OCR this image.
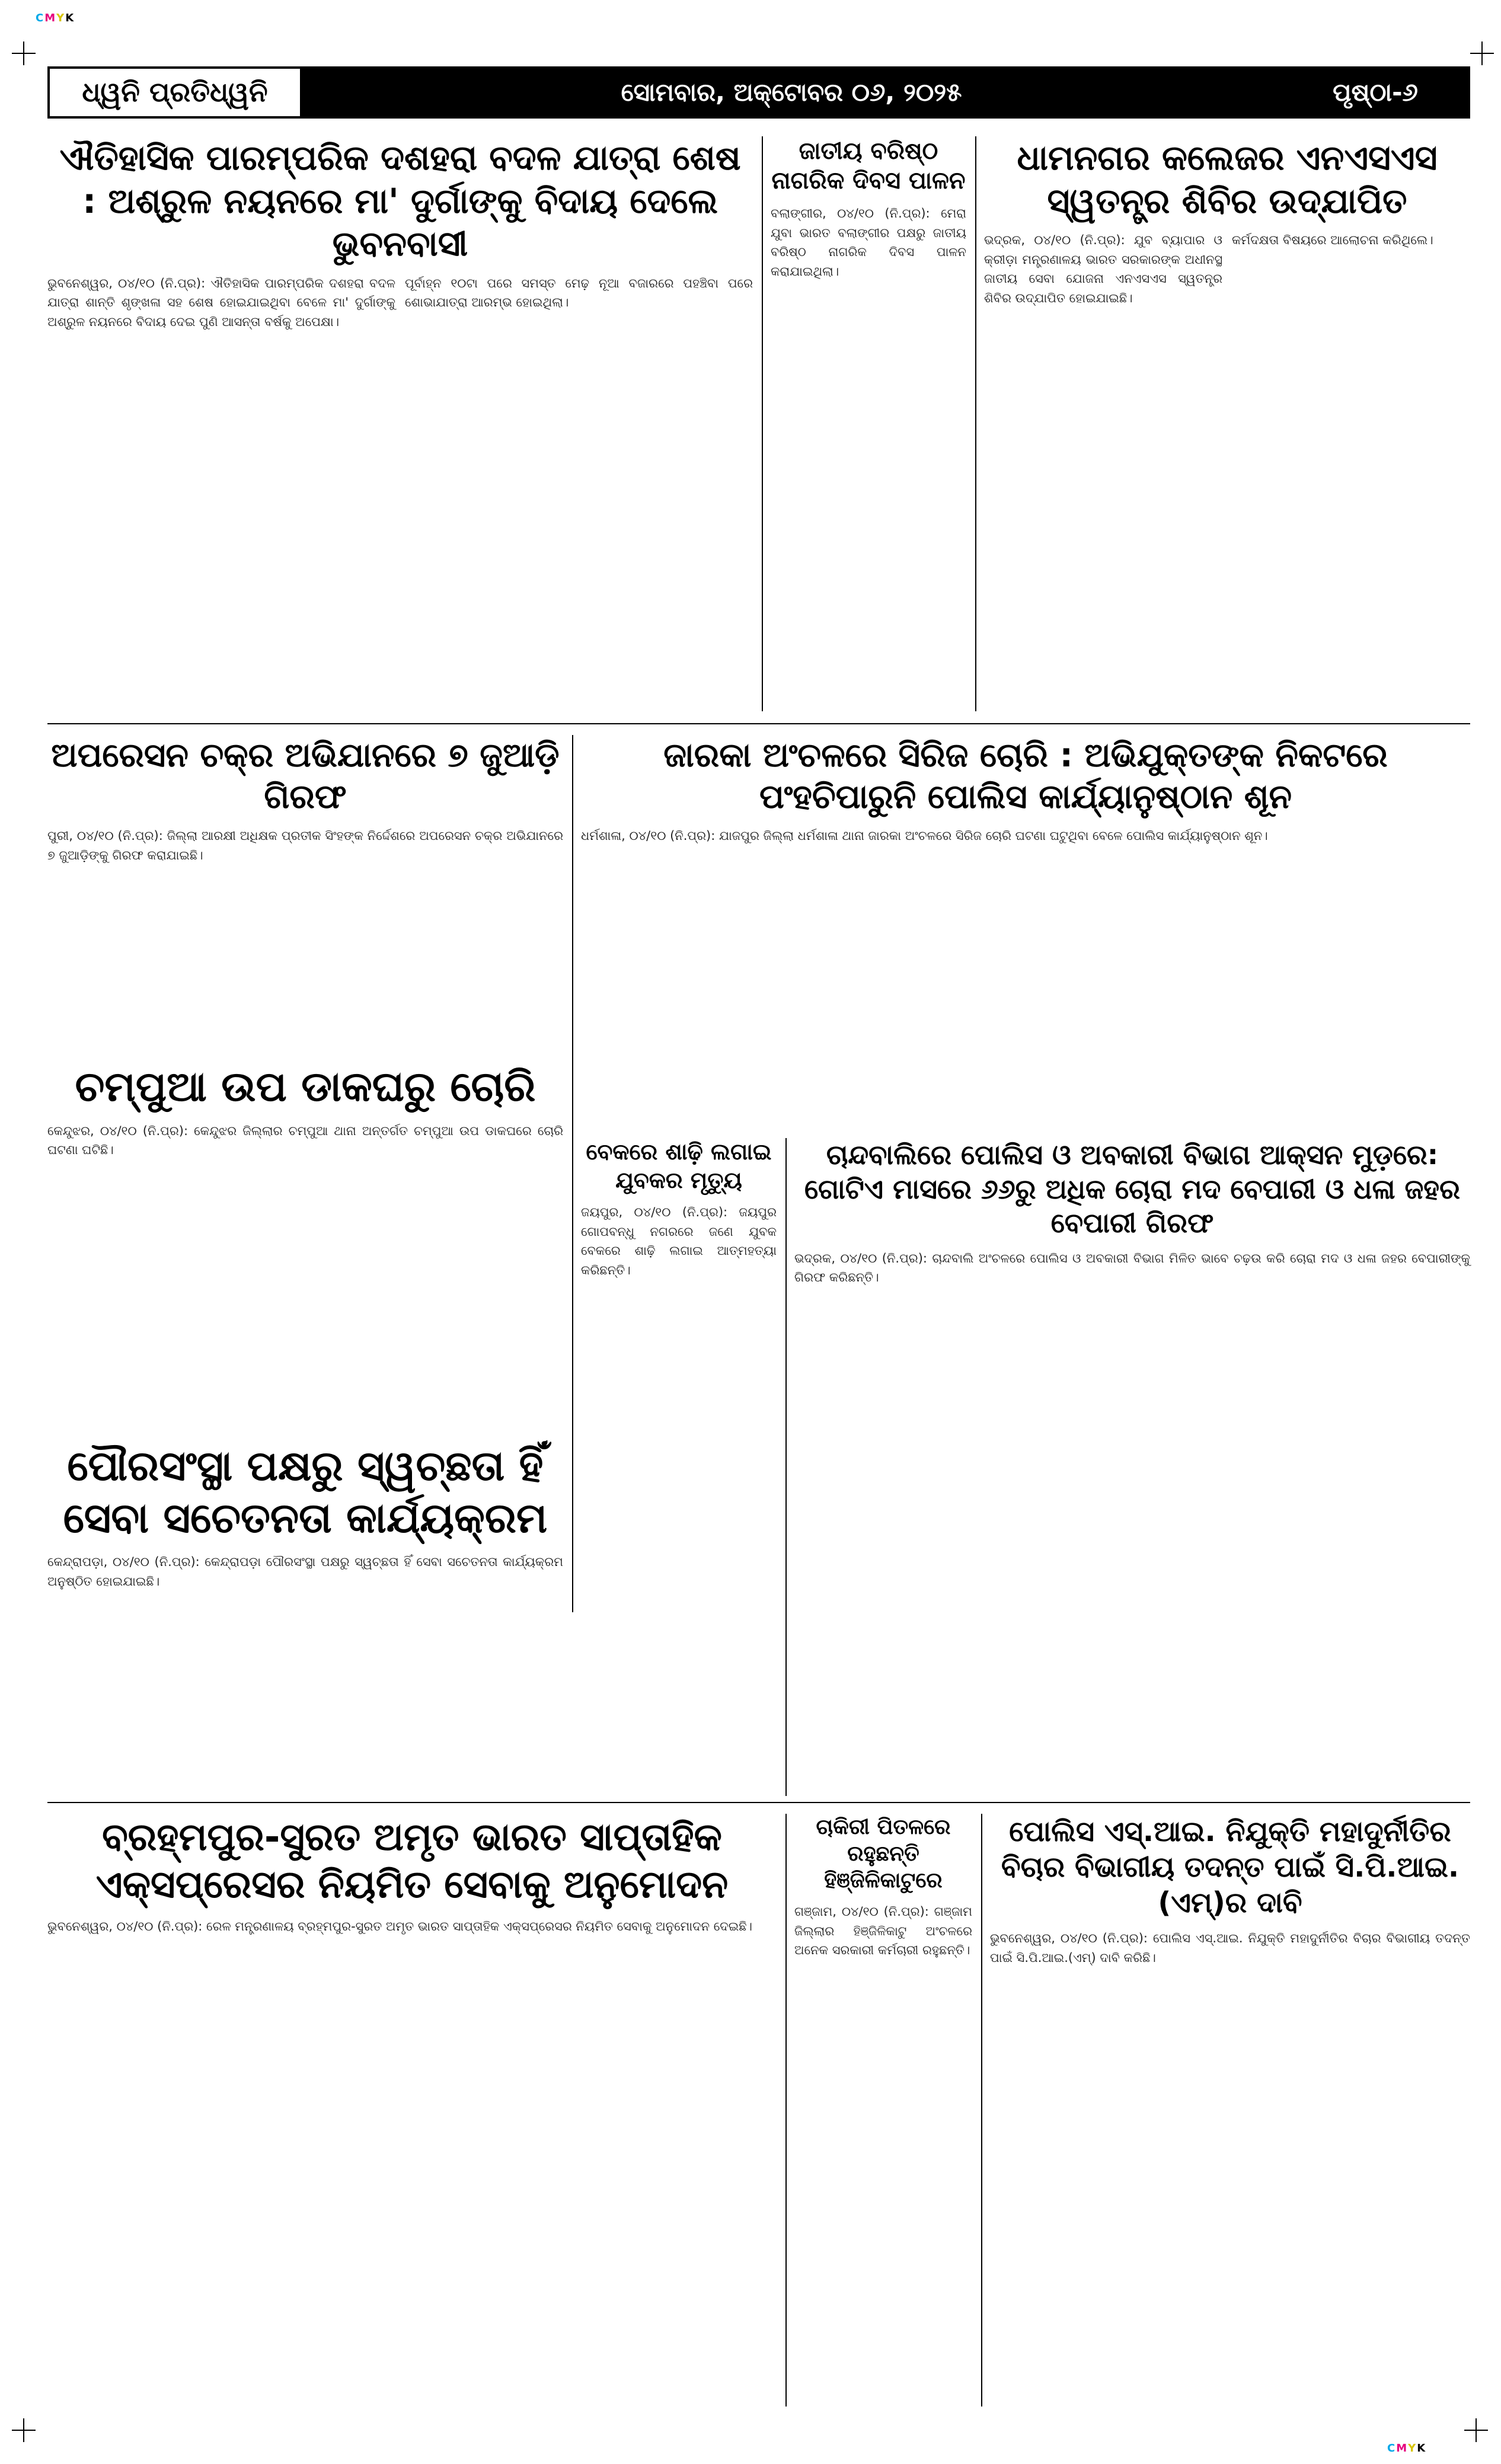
CMYK
CMYK
ଧ୍ୱନି ପ୍ରତିଧ୍ୱନି	ସୋମବାର, ଅକ୍ଟୋବର ୦୬, ୨୦୨୫	ପୃଷ୍ଠା-୬
ଐତିହାସିକ ପାରମ୍ପରିକ ଦଶହରା ବଦଳ ଯାତ୍ରା ଶେଷ : ଅଶ୍ରୁଳ ନୟନରେ ମା' ଦୁର୍ଗାଙ୍କୁ ବିଦାୟ ଦେଲେ ଭୁବନବାସୀ
ଭୁବନେଶ୍ୱର, ୦୪/୧୦ (ନି.ପ୍ର): ଐତିହାସିକ ପାରମ୍ପରିକ ଦଶହରା ବଦଳ ଯାତ୍ରା ଶାନ୍ତି ଶୃଙ୍ଖଳା ସହ ଶେଷ ହୋଇଯାଇଥିବା ବେଳେ ମା' ଦୁର୍ଗାଙ୍କୁ ଅଶ୍ରୁଳ ନୟନରେ ବିଦାୟ ଦେଇ ପୁଣି ଆସନ୍ତା ବର୍ଷକୁ ଅପେକ୍ଷା।
ପୂର୍ବାହ୍ନ ୧୦ଟା ପରେ ସମସ୍ତ ମେଢ଼ ନୂଆ ବଜାରରେ ପହଞ୍ଚିବା ପରେ ଶୋଭାଯାତ୍ରା ଆରମ୍ଭ ହୋଇଥିଲା।
ଜାତୀୟ ବରିଷ୍ଠ ନାଗରିକ ଦିବସ ପାଳନ
ବଲାଙ୍ଗୀର, ୦୪/୧୦ (ନି.ପ୍ର): ମେରା ଯୁବା ଭାରତ ବଲାଙ୍ଗୀର ପକ୍ଷରୁ ଜାତୀୟ ବରିଷ୍ଠ ନାଗରିକ ଦିବସ ପାଳନ କରାଯାଇଥିଲା।
ଧାମନଗର କଲେଜର ଏନଏସଏସ ସ୍ୱତନ୍ତ୍ର ଶିବିର ଉଦ୍‌ଯାପିତ
ଭଦ୍ରକ, ୦୪/୧୦ (ନି.ପ୍ର): ଯୁବ ବ୍ୟାପାର ଓ କ୍ରୀଡ଼ା ମନ୍ତ୍ରଣାଳୟ ଭାରତ ସରକାରଙ୍କ ଅଧୀନସ୍ଥ ଜାତୀୟ ସେବା ଯୋଜନା ଏନଏସଏସ ସ୍ୱତନ୍ତ୍ର ଶିବିର ଉଦ୍‌ଯାପିତ ହୋଇଯାଇଛି।
କର୍ମଦକ୍ଷତା ବିଷୟରେ ଆଲୋଚନା କରିଥିଲେ।
ଅପରେସନ ଚକ୍ର ଅଭିଯାନରେ ୭ ଜୁଆଡ଼ି ଗିରଫ
ପୁରୀ, ୦୪/୧୦ (ନି.ପ୍ର): ଜିଲ୍ଲା ଆରକ୍ଷୀ ଅଧିକ୍ଷକ ପ୍ରତୀକ ସିଂହଙ୍କ ନିର୍ଦ୍ଦେଶରେ ଅପରେସନ ଚକ୍ର ଅଭିଯାନରେ ୭ ଜୁଆଡ଼ିଙ୍କୁ ଗିରଫ କରାଯାଇଛି।
ଜାରକା ଅଂଚଳରେ ସିରିଜ ଚୋରି : ଅଭିଯୁକ୍ତଙ୍କ ନିକଟରେ ପଂହଚିପାରୁନି ପୋଲିସ କାର୍ଯ୍ୟାନୁଷ୍ଠାନ ଶୂନ
ଧର୍ମଶାଳା, ୦୪/୧୦ (ନି.ପ୍ର): ଯାଜପୁର ଜିଲ୍ଲା ଧର୍ମଶାଳା ଥାନା ଜାରକା ଅଂଚଳରେ ସିରିଜ ଚୋରି ଘଟଣା ଘଟୁଥିବା ବେଳେ ପୋଲିସ କାର୍ଯ୍ୟାନୁଷ୍ଠାନ ଶୂନ।
ଚମ୍ପୁଆ ଉପ ଡାକଘରୁ ଚୋରି
କେନ୍ଦୁଝର, ୦୪/୧୦ (ନି.ପ୍ର): କେନ୍ଦୁଝର ଜିଲ୍ଲାର ଚମ୍ପୁଆ ଥାନା ଅନ୍ତର୍ଗତ ଚମ୍ପୁଆ ଉପ ଡାକଘରେ ଚୋରି ଘଟଣା ଘଟିଛି।	ବେକରେ ଶାଢ଼ି ଲଗାଇ ଯୁବକର ମୃତ୍ୟୁ
ଜୟପୁର, ୦୪/୧୦ (ନି.ପ୍ର): ଜୟପୁର ଗୋପବନ୍ଧୁ ନଗରରେ ଜଣେ ଯୁବକ ବେକରେ ଶାଢ଼ି ଲଗାଇ ଆତ୍ମହତ୍ୟା କରିଛନ୍ତି।
ଚାନ୍ଦବାଲିରେ ପୋଲିସ ଓ ଅବକାରୀ ବିଭାଗ ଆକ୍ସନ ମୁଡ଼ରେ: ଗୋଟିଏ ମାସରେ ୬୬ରୁ ଅଧିକ ଚୋରା ମଦ ବେପାରୀ ଓ ଧଳା ଜହର ବେପାରୀ ଗିରଫ
ଭଦ୍ରକ, ୦୪/୧୦ (ନି.ପ୍ର): ଚାନ୍ଦବାଲି ଅଂଚଳରେ ପୋଲିସ ଓ ଅବକାରୀ ବିଭାଗ ମିଳିତ ଭାବେ ଚଢ଼ଉ କରି ଚୋରା ମଦ ଓ ଧଳା ଜହର ବେପାରୀଙ୍କୁ ଗିରଫ କରିଛନ୍ତି।
ପୌରସଂସ୍ଥା ପକ୍ଷରୁ ସ୍ୱଚ୍ଛତା ହିଁ ସେବା ସଚେତନତା କାର୍ଯ୍ୟକ୍ରମ
କେନ୍ଦ୍ରାପଡ଼ା, ୦୪/୧୦ (ନି.ପ୍ର): କେନ୍ଦ୍ରାପଡ଼ା ପୌରସଂସ୍ଥା ପକ୍ଷରୁ ସ୍ୱଚ୍ଛତା ହିଁ ସେବା ସଚେତନତା କାର୍ଯ୍ୟକ୍ରମ ଅନୁଷ୍ଠିତ ହୋଇଯାଇଛି।
ବ୍ରହ୍ମପୁର-ସୁରତ ଅମୃତ ଭାରତ ସାପ୍ତାହିକ ଏକ୍ସପ୍ରେସର ନିୟମିତ ସେବାକୁ ଅନୁମୋଦନ
ଭୁବନେଶ୍ୱର, ୦୪/୧୦ (ନି.ପ୍ର): ରେଳ ମନ୍ତ୍ରଣାଳୟ ବ୍ରହ୍ମପୁର-ସୁରତ ଅମୃତ ଭାରତ ସାପ୍ତାହିକ ଏକ୍ସପ୍ରେସର ନିୟମିତ ସେବାକୁ ଅନୁମୋଦନ ଦେଇଛି।
ଚାକିରୀ ପିତଳରେ ରହୁଛନ୍ତି ହିଞ୍ଜିଳିକାଟୁରେ
ଗଞ୍ଜାମ, ୦୪/୧୦ (ନି.ପ୍ର): ଗଞ୍ଜାମ ଜିଲ୍ଲାର ହିଞ୍ଜିଳିକାଟୁ ଅଂଚଳରେ ଅନେକ ସରକାରୀ କର୍ମଚାରୀ ରହୁଛନ୍ତି।
ପୋଲିସ ଏସ୍.ଆଇ. ନିଯୁକ୍ତି ମହାଦୁର୍ନୀତିର ବିଚାର ବିଭାଗୀୟ ତଦନ୍ତ ପାଇଁ ସି.ପି.ଆଇ.(ଏମ୍)ର ଦାବି
ଭୁବନେଶ୍ୱର, ୦୪/୧୦ (ନି.ପ୍ର): ପୋଲିସ ଏସ୍.ଆଇ. ନିଯୁକ୍ତି ମହାଦୁର୍ନୀତିର ବିଚାର ବିଭାଗୀୟ ତଦନ୍ତ ପାଇଁ ସି.ପି.ଆଇ.(ଏମ୍) ଦାବି କରିଛି।
